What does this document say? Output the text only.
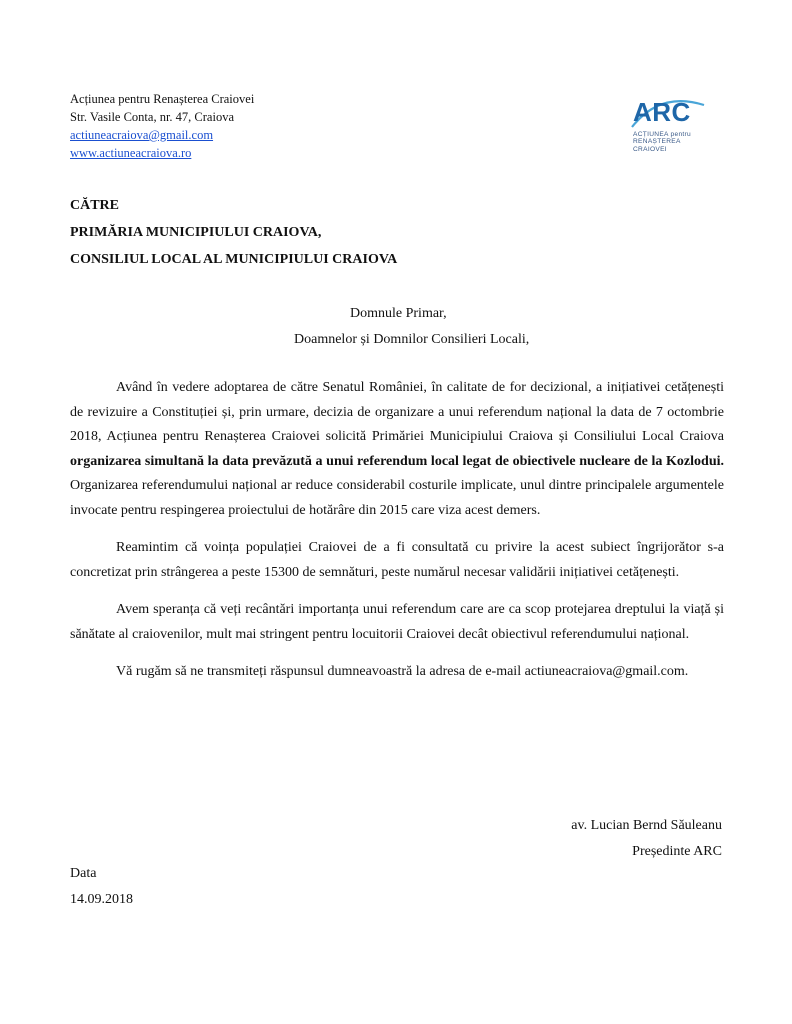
Acțiunea pentru Renașterea Craiovei
Str. Vasile Conta, nr. 47, Craiova
actiuneacraiova@gmail.com
www.actiuneacraiova.ro
ARC
ACȚIUNEA pentru
RENAȘTEREA
CRAIOVEI
CĂTRE
PRIMĂRIA MUNICIPIULUI CRAIOVA,
CONSILIUL LOCAL AL MUNICIPIULUI CRAIOVA
Domnule Primar,
Doamnelor și Domnilor Consilieri Locali,

Având în vedere adoptarea de către Senatul României, în calitate de for decizional, a inițiativei cetățenești de revizuire a Constituției și, prin urmare, decizia de organizare a unui referendum național la data de 7 octombrie 2018, Acțiunea pentru Renașterea Craiovei solicită Primăriei Municipiului Craiova și Consiliului Local Craiova organizarea simultană la data prevăzută a unui referendum local legat de obiectivele nucleare de la Kozlodui. Organizarea referendumului național ar reduce considerabil costurile implicate, unul dintre principalele argumentele invocate pentru respingerea proiectului de hotărâre din 2015 care viza acest demers.

Reamintim că voința populației Craiovei de a fi consultată cu privire la acest subiect îngrijorător s-a concretizat prin strângerea a peste 15300 de semnături, peste numărul necesar validării inițiativei cetățenești.

Avem speranța că veți recântări importanța unui referendum care are ca scop protejarea dreptului la viață și sănătate al craiovenilor, mult mai stringent pentru locuitorii Craiovei decât obiectivul referendumului național.

Vă rugăm să ne transmiteți răspunsul dumneavoastră la adresa de e-mail actiuneacraiova@gmail.com.

av. Lucian Bernd Săuleanu
Președinte ARC
Data
14.09.2018
